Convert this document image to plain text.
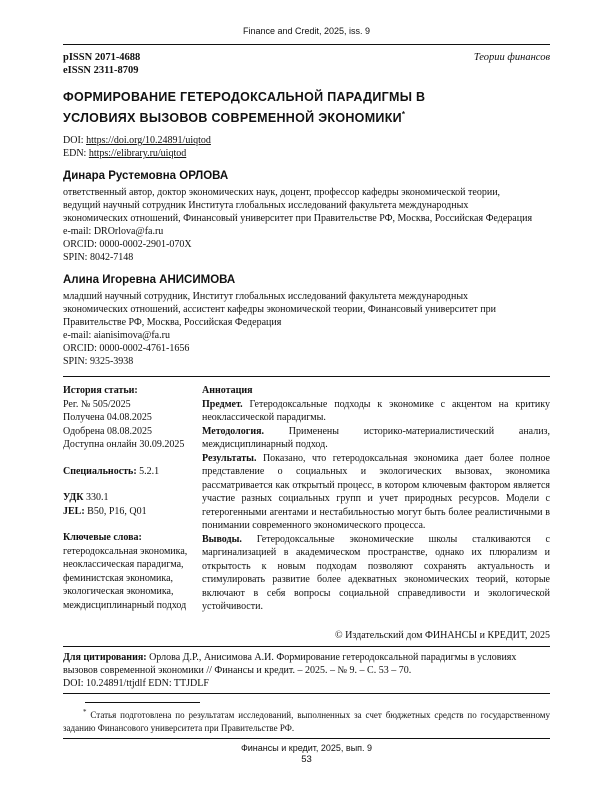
Finance and Credit, 2025, iss. 9
pISSN 2071-4688
eISSN 2311-8709
Теории финансов
ФОРМИРОВАНИЕ ГЕТЕРОДОКСАЛЬНОЙ ПАРАДИГМЫ В УСЛОВИЯХ ВЫЗОВОВ СОВРЕМЕННОЙ ЭКОНОМИКИ*
DOI: https://doi.org/10.24891/uiqtod
EDN: https://elibrary.ru/uiqtod
Динара Рустемовна ОРЛОВА
ответственный автор, доктор экономических наук, доцент, профессор кафедры экономической теории, ведущий научный сотрудник Института глобальных исследований факультета международных экономических отношений, Финансовый университет при Правительстве РФ, Москва, Российская Федерация
e-mail: DROrlova@fa.ru
ORCID: 0000-0002-2901-070X
SPIN: 8042-7148
Алина Игоревна АНИСИМОВА
младший научный сотрудник, Институт глобальных исследований факультета международных экономических отношений, ассистент кафедры экономической теории, Финансовый университет при Правительстве РФ, Москва, Российская Федерация
e-mail: aianisimova@fa.ru
ORCID: 0000-0002-4761-1656
SPIN: 9325-3938
История статьи:
Рег. № 505/2025
Получена 04.08.2025
Одобрена 08.08.2025
Доступна онлайн 30.09.2025
Специальность: 5.2.1
УДК 330.1
JEL: B50, P16, Q01
Ключевые слова:
гетеродоксальная экономика, неоклассическая парадигма, феминистская экономика, экологическая экономика, междисциплинарный подход
Аннотация

Предмет. Гетеродоксальные подходы к экономике с акцентом на критику неоклассической парадигмы.

Методология. Применены историко-материалистический анализ, междисциплинарный подход.

Результаты. Показано, что гетеродоксальная экономика дает более полное представление о социальных и экологических вызовах, экономика рассматривается как открытый процесс, в котором ключевым фактором является участие разных социальных групп и учет природных ресурсов. Модели с гетерогенными агентами и нестабильностью могут быть более реалистичными в понимании современного экономического процесса.

Выводы. Гетеродоксальные экономические школы сталкиваются с маргинализацией в академическом пространстве, однако их плюрализм и открытость к новым подходам позволяют сохранять актуальность и стимулировать развитие более адекватных экономических теорий, которые включают в себя вопросы социальной справедливости и экологической устойчивости.

© Издательский дом ФИНАНСЫ и КРЕДИТ, 2025
Для цитирования: Орлова Д.Р., Анисимова А.И. Формирование гетеродоксальной парадигмы в условиях вызовов современной экономики // Финансы и кредит. – 2025. – № 9. – С. 53 – 70.
DOI: 10.24891/ttjdlf EDN: TTJDLF
* Статья подготовлена по результатам исследований, выполненных за счет бюджетных средств по государственному заданию Финансового университета при Правительстве РФ.
Финансы и кредит, 2025, вып. 9
53
